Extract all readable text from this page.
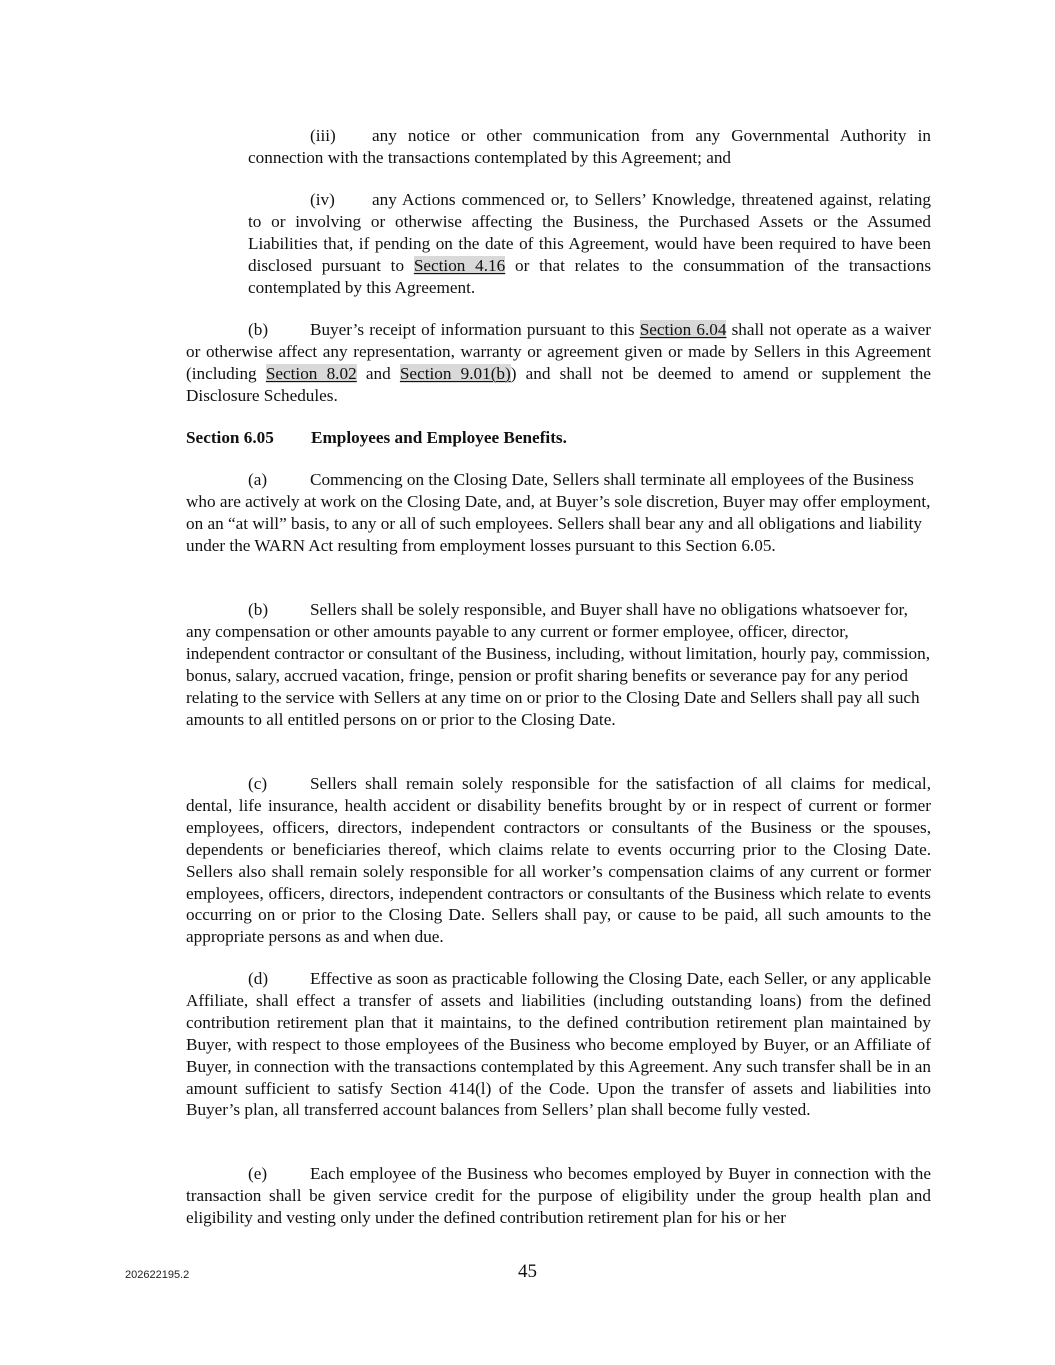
(iii) any notice or other communication from any Governmental Authority in connection with the transactions contemplated by this Agreement; and

(iv) any Actions commenced or, to Sellers’ Knowledge, threatened against, relating to or involving or otherwise affecting the Business, the Purchased Assets or the Assumed Liabilities that, if pending on the date of this Agreement, would have been required to have been disclosed pursuant to Section 4.16 or that relates to the consummation of the transactions contemplated by this Agreement.

(b) Buyer’s receipt of information pursuant to this Section 6.04 shall not operate as a waiver or otherwise affect any representation, warranty or agreement given or made by Sellers in this Agreement (including Section 8.02 and Section 9.01(b)) and shall not be deemed to amend or supplement the Disclosure Schedules.

Section 6.05 Employees and Employee Benefits.

(a) Commencing on the Closing Date, Sellers shall terminate all employees of the Business who are actively at work on the Closing Date, and, at Buyer’s sole discretion, Buyer may offer employment, on an “at will” basis, to any or all of such employees. Sellers shall bear any and all obligations and liability under the WARN Act resulting from employment losses pursuant to this Section 6.05.

(b) Sellers shall be solely responsible, and Buyer shall have no obligations whatsoever for, any compensation or other amounts payable to any current or former employee, officer, director, independent contractor or consultant of the Business, including, without limitation, hourly pay, commission, bonus, salary, accrued vacation, fringe, pension or profit sharing benefits or severance pay for any period relating to the service with Sellers at any time on or prior to the Closing Date and Sellers shall pay all such amounts to all entitled persons on or prior to the Closing Date.

(c) Sellers shall remain solely responsible for the satisfaction of all claims for medical, dental, life insurance, health accident or disability benefits brought by or in respect of current or former employees, officers, directors, independent contractors or consultants of the Business or the spouses, dependents or beneficiaries thereof, which claims relate to events occurring prior to the Closing Date. Sellers also shall remain solely responsible for all worker’s compensation claims of any current or former employees, officers, directors, independent contractors or consultants of the Business which relate to events occurring on or prior to the Closing Date. Sellers shall pay, or cause to be paid, all such amounts to the appropriate persons as and when due.

(d) Effective as soon as practicable following the Closing Date, each Seller, or any applicable Affiliate, shall effect a transfer of assets and liabilities (including outstanding loans) from the defined contribution retirement plan that it maintains, to the defined contribution retirement plan maintained by Buyer, with respect to those employees of the Business who become employed by Buyer, or an Affiliate of Buyer, in connection with the transactions contemplated by this Agreement. Any such transfer shall be in an amount sufficient to satisfy Section 414(l) of the Code. Upon the transfer of assets and liabilities into Buyer’s plan, all transferred account balances from Sellers’ plan shall become fully vested.

(e) Each employee of the Business who becomes employed by Buyer in connection with the transaction shall be given service credit for the purpose of eligibility under the group health plan and eligibility and vesting only under the defined contribution retirement plan for his or her

202622195.2	45
